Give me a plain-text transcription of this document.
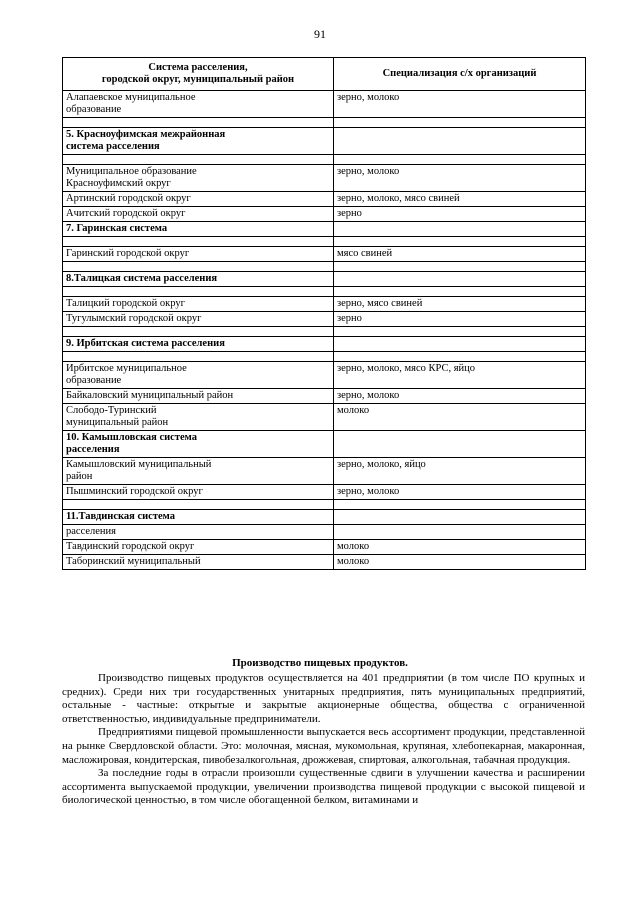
91
Система расселения,
городской округ, муниципальный район	Специализация с/х организаций
Алапаевское муниципальное
образование	зерно, молоко

5. Красноуфимская межрайонная
система расселения	

Муниципальное образование
Красноуфимский округ	зерно, молоко
Артинский городской округ	зерно, молоко, мясо свиней
Ачитский городской округ	зерно
7. Гаринская система	

Гаринский городской округ	мясо свиней

8.Талицкая система расселения	

Талицкий городской округ	зерно, мясо свиней
Тугулымский городской округ	зерно

9. Ирбитская система расселения	

Ирбитское муниципальное
образование	зерно, молоко, мясо КРС, яйцо
Байкаловский муниципальный район	зерно, молоко
Слободо-Туринский
муниципальный район	молоко
10. Камышловская система
расселения	
Камышловский муниципальный
район	зерно, молоко, яйцо
Пышминский городской округ	зерно, молоко

11.Тавдинская система	
расселения	
Тавдинский городской округ	молоко
Таборинский муниципальный	молоко
Производство пищевых продуктов.

Производство пищевых продуктов осуществляется на 401 предприятии (в том числе ПО крупных и средних). Среди них три государственных унитарных предприятия, пять муниципальных предприятий, остальные - частные: открытые и закрытые акционерные общества, общества с ограниченной ответственностью, индивидуальные предприниматели.

Предприятиями пищевой промышленности выпускается весь ассортимент продукции, представленной на рынке Свердловской области. Это: молочная, мясная, мукомольная, крупяная, хлебопекарная, макаронная, масложировая, кондитерская, пивобезалкогольная, дрожжевая, спиртовая, алкогольная, табачная продукция.

За последние годы в отрасли произошли существенные сдвиги в улучшении качества и расширении ассортимента выпускаемой продукции, увеличении производства пищевой продукции с высокой пищевой и биологической ценностью, в том числе обогащенной белком, витаминами и
